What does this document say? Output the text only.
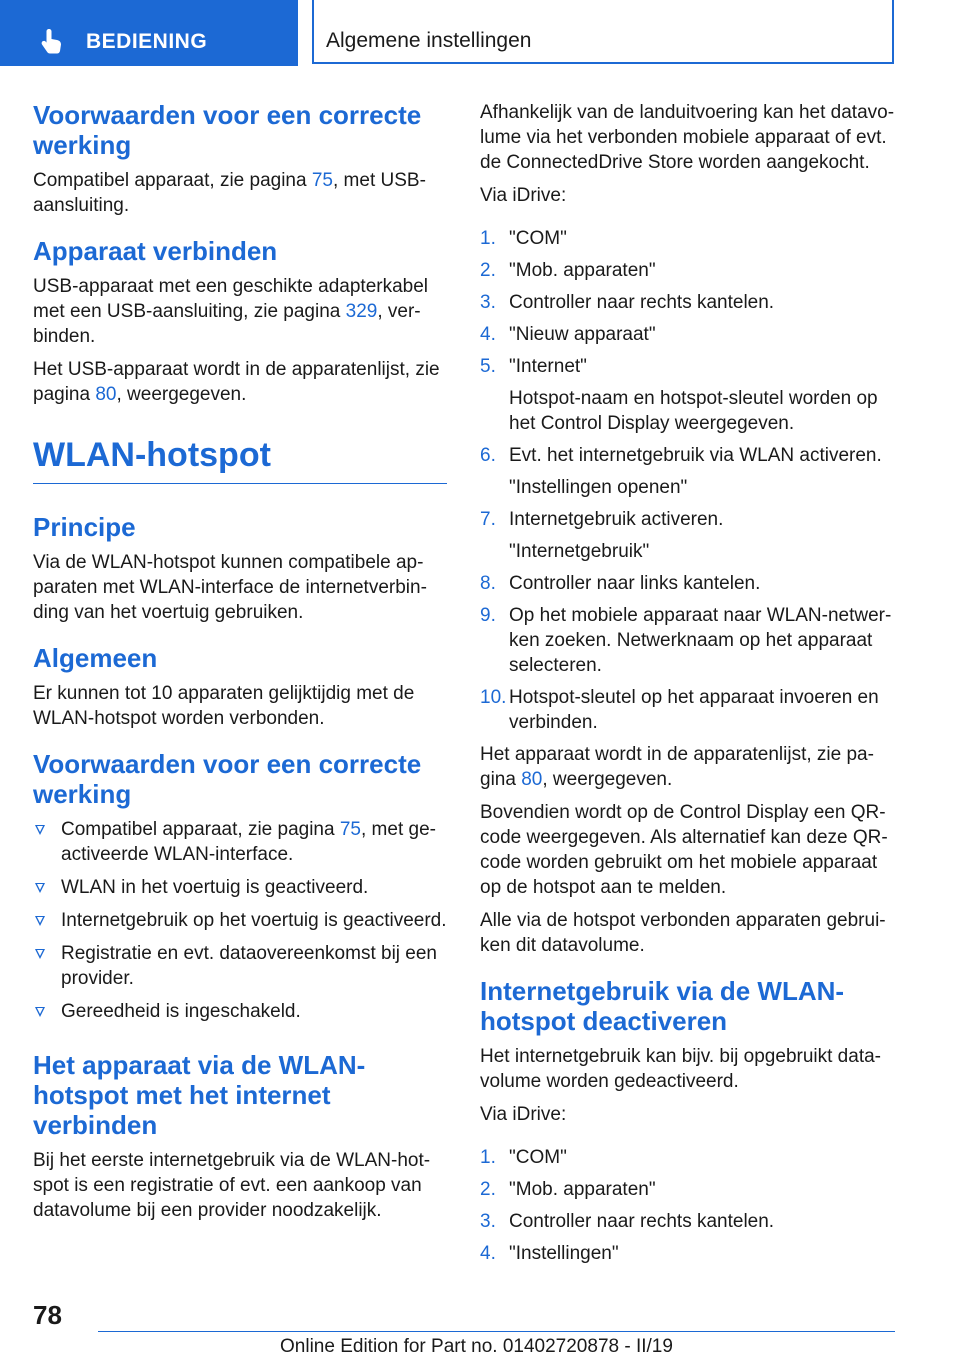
BEDIENING	Algemene instellingen
Voorwaarden voor een correcte werking

Compatibel apparaat, zie pagina 75, met USB-aansluiting.

Apparaat verbinden

USB-apparaat met een geschikte adapterkabel met een USB-aansluiting, zie pagina 329, verbinden.

Het USB-apparaat wordt in de apparatenlijst, zie pagina 80, weergegeven.

WLAN-hotspot
Principe

Via de WLAN-hotspot kunnen compatibele apparaten met WLAN-interface de internetverbinding van het voertuig gebruiken.

Algemeen

Er kunnen tot 10 apparaten gelijktijdig met de WLAN-hotspot worden verbonden.

Voorwaarden voor een correcte werking
Compatibel apparaat, zie pagina 75, met geactiveerde WLAN-interface.
WLAN in het voertuig is geactiveerd.
Internetgebruik op het voertuig is geactiveerd.
Registratie en evt. dataovereenkomst bij een provider.
Gereedheid is ingeschakeld.
Het apparaat via de WLAN-hotspot met het internet verbinden

Bij het eerste internetgebruik via de WLAN-hotspot is een registratie of evt. een aankoop van datavolume bij een provider noodzakelijk.

Afhankelijk van de landuitvoering kan het datavolume via het verbonden mobiele apparaat of evt. de ConnectedDrive Store worden aangekocht.

Via iDrive:

1. "COM"
2. "Mob. apparaten"
3. Controller naar rechts kantelen.
4. "Nieuw apparaat"
5. "Internet"
Hotspot-naam en hotspot-sleutel worden op het Control Display weergegeven.
6. Evt. het internetgebruik via WLAN activeren.
"Instellingen openen"
7. Internetgebruik activeren.
"Internetgebruik"
8. Controller naar links kantelen.
9. Op het mobiele apparaat naar WLAN-netwerken zoeken. Netwerknaam op het apparaat selecteren.
10. Hotspot-sleutel op het apparaat invoeren en verbinden.

Het apparaat wordt in de apparatenlijst, zie pagina 80, weergegeven.

Bovendien wordt op de Control Display een QR-code weergegeven. Als alternatief kan deze QR-code worden gebruikt om het mobiele apparaat op de hotspot aan te melden.

Alle via de hotspot verbonden apparaten gebruiken dit datavolume.

Internetgebruik via de WLAN-hotspot deactiveren

Het internetgebruik kan bijv. bij opgebruikt datavolume worden gedeactiveerd.

Via iDrive:

1. "COM"
2. "Mob. apparaten"
3. Controller naar rechts kantelen.
4. "Instellingen"
78
Online Edition for Part no. 01402720878 - II/19
